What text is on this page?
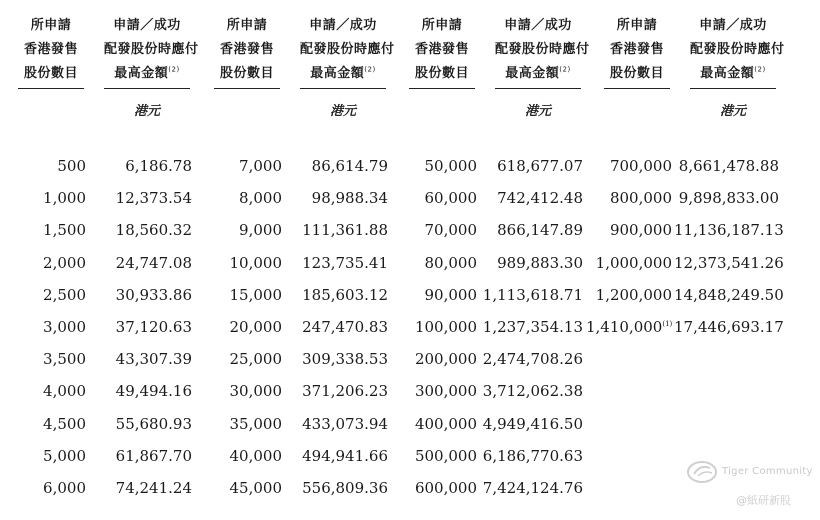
所申請
香港發售
股份數目
申請／成功
配發股份時應付
最高金額$^{(2)}$
港元
500
1,000
1,500
2,000
2,500
3,000
3,500
4,000
4,500
5,000
6,000
6,186.78
12,373.54
18,560.32
24,747.08
30,933.86
37,120.63
43,307.39
49,494.16
55,680.93
61,867.70
74,241.24
所申請
香港發售
股份數目
申請／成功
配發股份時應付
最高金額$^{(2)}$
港元
7,000
8,000
9,000
10,000
15,000
20,000
25,000
30,000
35,000
40,000
45,000
86,614.79
98,988.34
111,361.88
123,735.41
185,603.12
247,470.83
309,338.53
371,206.23
433,073.94
494,941.66
556,809.36
所申請
香港發售
股份數目
申請／成功
配發股份時應付
最高金額$^{(2)}$
港元
50,000
60,000
70,000
80,000
90,000
100,000
200,000
300,000
400,000
500,000
600,000
618,677.07
742,412.48
866,147.89
989,883.30
1,113,618.71
1,237,354.13
2,474,708.26
3,712,062.38
4,949,416.50
6,186,770.63
7,424,124.76
所申請
香港發售
股份數目
申請／成功
配發股份時應付
最高金額$^{(2)}$
港元
700,000
800,000
900,000
1,000,000
1,200,000
1,410,000$^{(1)}$
8,661,478.88
9,898,833.00
11,136,187.13
12,373,541.26
14,848,249.50
17,446,693.17
Tiger Community
@紙研新股
